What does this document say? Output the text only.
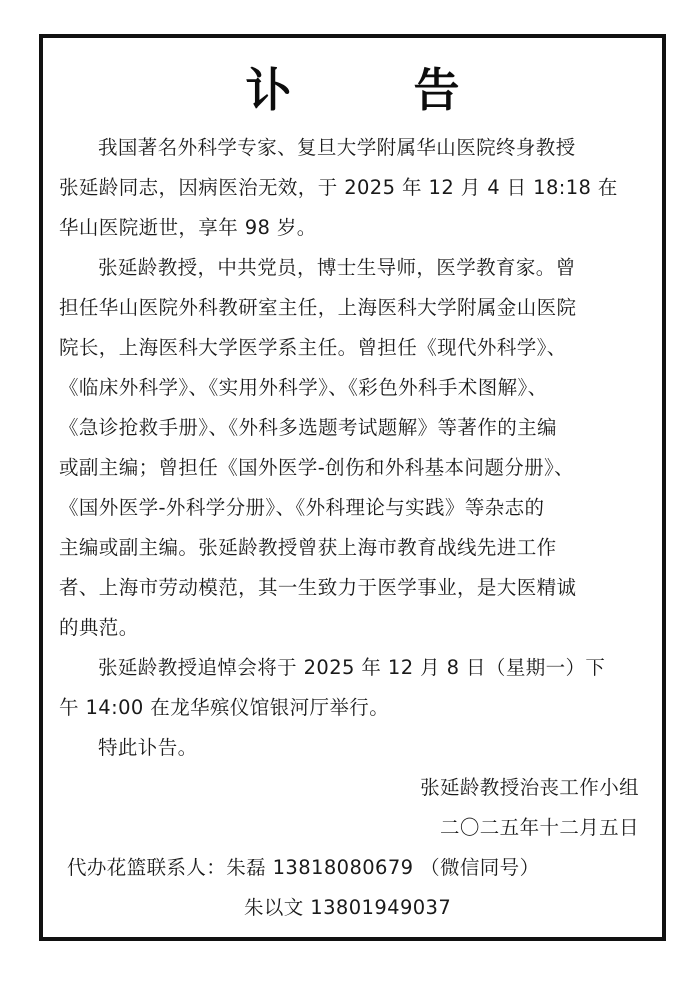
讣　告
我国著名外科学专家、复旦大学附属华山医院终身教授
张延龄同志，因病医治无效，于 2025 年 12 月 4 日 18:18 在
华山医院逝世，享年 98 岁。
张延龄教授，中共党员，博士生导师，医学教育家。曾
担任华山医院外科教研室主任，上海医科大学附属金山医院
院长，上海医科大学医学系主任。曾担任《现代外科学》、
《临床外科学》、《实用外科学》、《彩色外科手术图解》、
《急诊抢救手册》、《外科多选题考试题解》等著作的主编
或副主编；曾担任《国外医学-创伤和外科基本问题分册》、
《国外医学-外科学分册》、《外科理论与实践》等杂志的
主编或副主编。张延龄教授曾获上海市教育战线先进工作
者、上海市劳动模范，其一生致力于医学事业，是大医精诚
的典范。
张延龄教授追悼会将于 2025 年 12 月 8 日（星期一）下
午 14:00 在龙华殡仪馆银河厅举行。
特此讣告。

张延龄教授治丧工作小组

二〇二五年十二月五日

代办花篮联系人：朱磊 13818080679 （微信同号）

朱以文 13801949037
